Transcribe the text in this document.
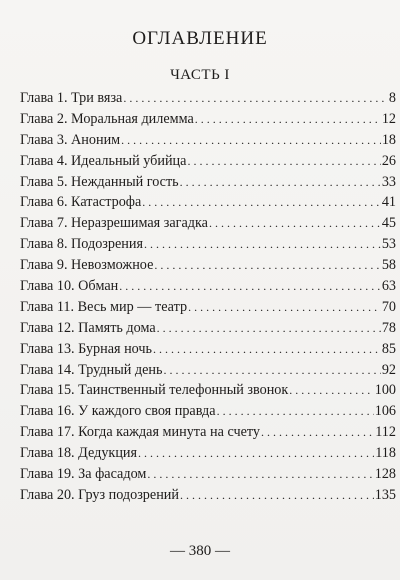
ОГЛАВЛЕНИЕ
ЧАСТЬ I
Глава 1. Три вяза . . .	8
Глава 2. Моральная дилемма . . .	12
Глава 3. Аноним . . .	18
Глава 4. Идеальный убийца . . .	26
Глава 5. Нежданный гость . . .	33
Глава 6. Катастрофа . . .	41
Глава 7. Неразрешимая загадка . . .	45
Глава 8. Подозрения . . .	53
Глава 9. Невозможное . . .	58
Глава 10. Обман . . .	63
Глава 11. Весь мир — театр . . .	70
Глава 12. Память дома . . .	78
Глава 13. Бурная ночь . . .	85
Глава 14. Трудный день . . .	92
Глава 15. Таинственный телефонный звонок . . .	100
Глава 16. У каждого своя правда . . .	106
Глава 17. Когда каждая минута на счету . . .	112
Глава 18. Дедукция . . .	118
Глава 19. За фасадом . . .	128
Глава 20. Груз подозрений . . .	135
— 380 —
